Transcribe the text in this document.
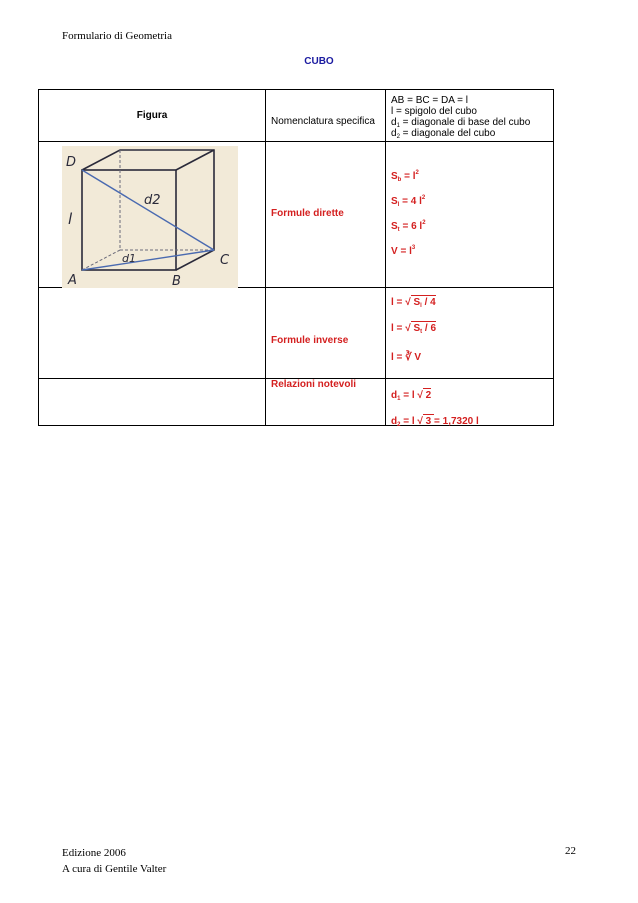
Formulario di Geometria
CUBO
Figura
Nomenclatura specifica
AB = BC = DA = l
l = spigolo del cubo
$d_1$ = diagonale di base del cubo
$d_2$ = diagonale del cubo
Formule dirette
$S_b = l^2$
$S_l = 4$ $l^2$
$S_t = 6$ $l^2$
$V = l^3$
Formule inverse
l = √ $S_l / 4$
l = √ $S_t / 6$
l = ∛ V
Relazioni notevoli
$d_1 = l$ √ 2
$d_2 = l$ √ 3 = 1,7320 l
D
d2
l
d1
A	B
C
Edizione 2006
A cura di Gentile Valter
22
